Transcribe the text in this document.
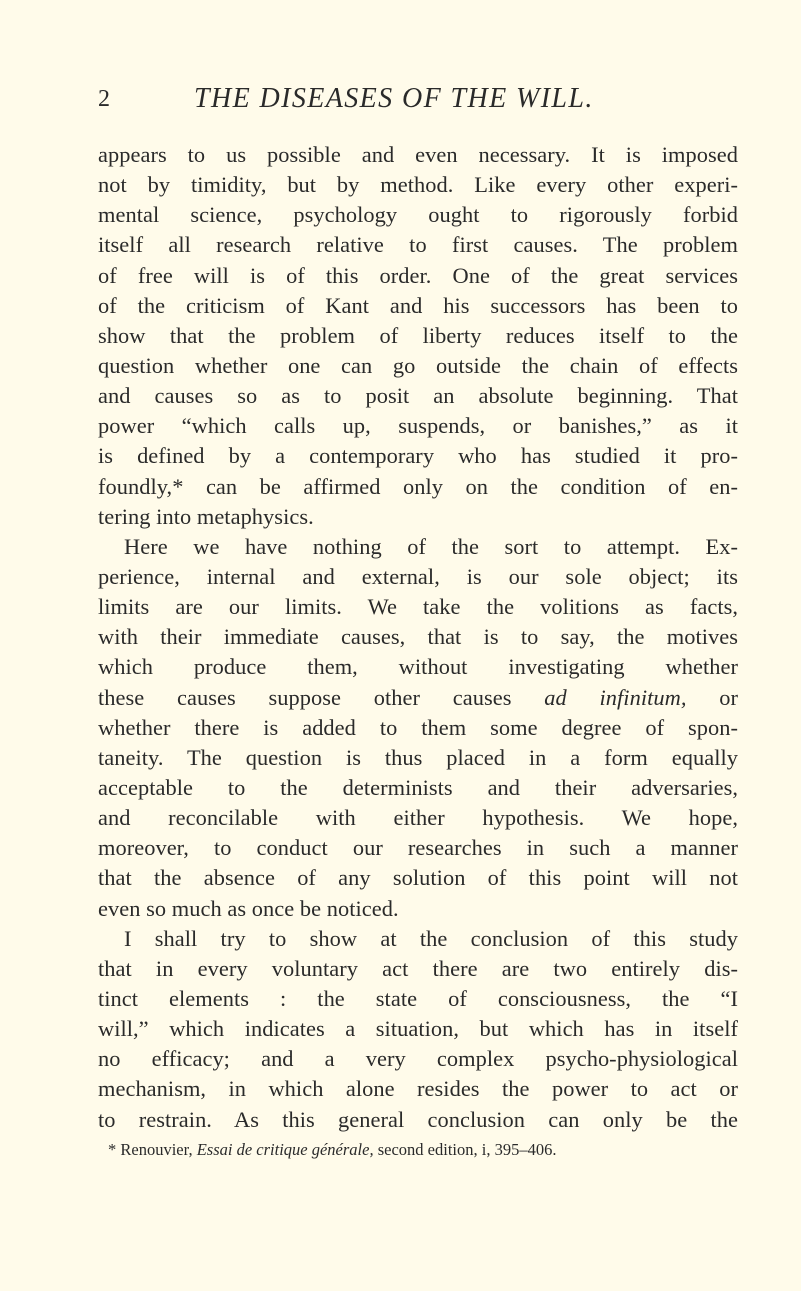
2	THE DISEASES OF THE WILL.
appears to us possible and even necessary. It is imposed
not by timidity, but by method. Like every other experi-
mental science, psychology ought to rigorously forbid
itself all research relative to first causes. The problem
of free will is of this order. One of the great services
of the criticism of Kant and his successors has been to
show that the problem of liberty reduces itself to the
question whether one can go outside the chain of effects
and causes so as to posit an absolute beginning. That
power “which calls up, suspends, or banishes,” as it
is defined by a contemporary who has studied it pro-
foundly,* can be affirmed only on the condition of en-
tering into metaphysics.
Here we have nothing of the sort to attempt. Ex-
perience, internal and external, is our sole object; its
limits are our limits. We take the volitions as facts,
with their immediate causes, that is to say, the motives
which produce them, without investigating whether
these causes suppose other causes ad infinitum, or
whether there is added to them some degree of spon-
taneity. The question is thus placed in a form equally
acceptable to the determinists and their adversaries,
and reconcilable with either hypothesis. We hope,
moreover, to conduct our researches in such a manner
that the absence of any solution of this point will not
even so much as once be noticed.
I shall try to show at the conclusion of this study
that in every voluntary act there are two entirely dis-
tinct elements : the state of consciousness, the “I
will,” which indicates a situation, but which has in itself
no efficacy; and a very complex psycho-physiological
mechanism, in which alone resides the power to act or
to restrain. As this general conclusion can only be the
* Renouvier, Essai de critique générale, second edition, i, 395–406.
